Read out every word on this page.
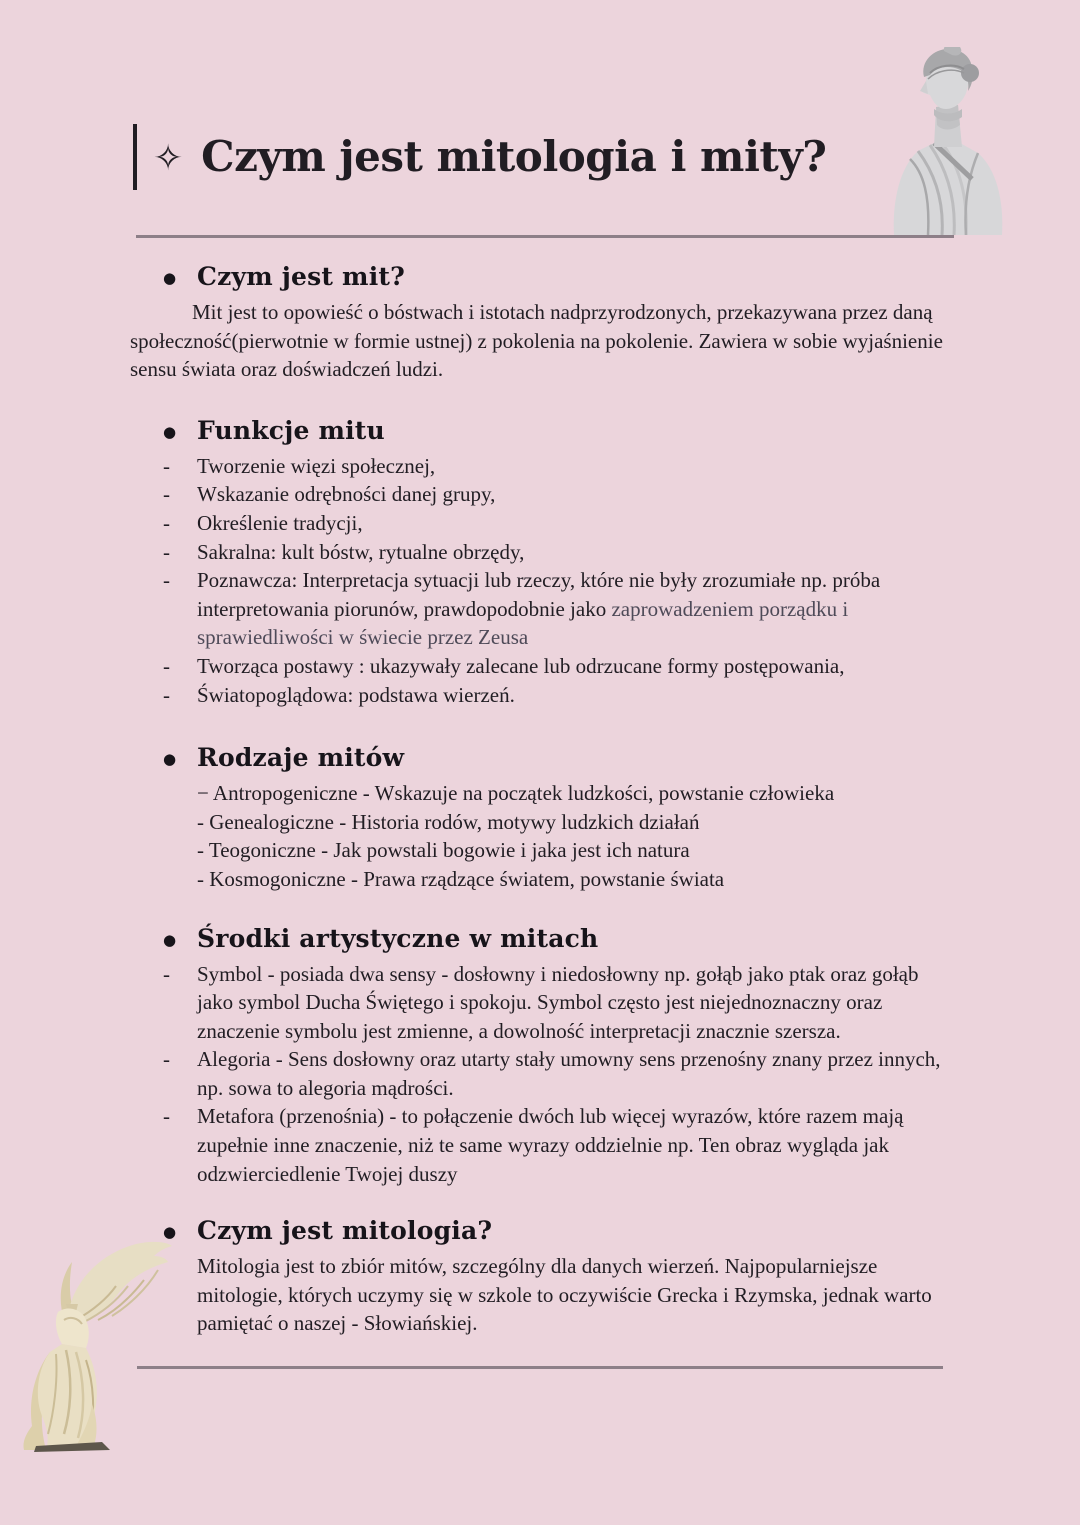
✧ Czym jest mitologia i mity?
● Czym jest mit?

Mit jest to opowieść o bóstwach i istotach nadprzyrodzonych, przekazywana przez daną społeczność(pierwotnie w formie ustnej) z pokolenia na pokolenie. Zawiera w sobie wyjaśnienie sensu świata oraz doświadczeń ludzi.

● Funkcje mitu
- Tworzenie więzi społecznej,
- Wskazanie odrębności danej grupy,
- Określenie tradycji,
- Sakralna: kult bóstw, rytualne obrzędy,
- Poznawcza: Interpretacja sytuacji lub rzeczy, które nie były zrozumiałe np. próba interpretowania piorunów, prawdopodobnie jako zaprowadzeniem porządku i sprawiedliwości w świecie przez Zeusa
- Tworząca postawy : ukazywały zalecane lub odrzucane formy postępowania,
- Światopoglądowa: podstawa wierzeń.
● Rodzaje mitów
− Antropogeniczne - Wskazuje na początek ludzkości, powstanie człowieka
- Genealogiczne - Historia rodów, motywy ludzkich działań
- Teogoniczne - Jak powstali bogowie i jaka jest ich natura
- Kosmogoniczne - Prawa rządzące światem, powstanie świata
● Środki artystyczne w mitach
- Symbol - posiada dwa sensy - dosłowny i niedosłowny np. gołąb jako ptak oraz gołąb jako symbol Ducha Świętego i spokoju. Symbol często jest niejednoznaczny oraz znaczenie symbolu jest zmienne, a dowolność interpretacji znacznie szersza.
- Alegoria - Sens dosłowny oraz utarty stały umowny sens przenośny znany przez innych, np. sowa to alegoria mądrości.
- Metafora (przenośnia) - to połączenie dwóch lub więcej wyrazów, które razem mają zupełnie inne znaczenie, niż te same wyrazy oddzielnie np. Ten obraz wygląda jak odzwierciedlenie Twojej duszy
● Czym jest mitologia?

Mitologia jest to zbiór mitów, szczególny dla danych wierzeń. Najpopularniejsze mitologie, których uczymy się w szkole to oczywiście Grecka i Rzymska, jednak warto pamiętać o naszej - Słowiańskiej.
